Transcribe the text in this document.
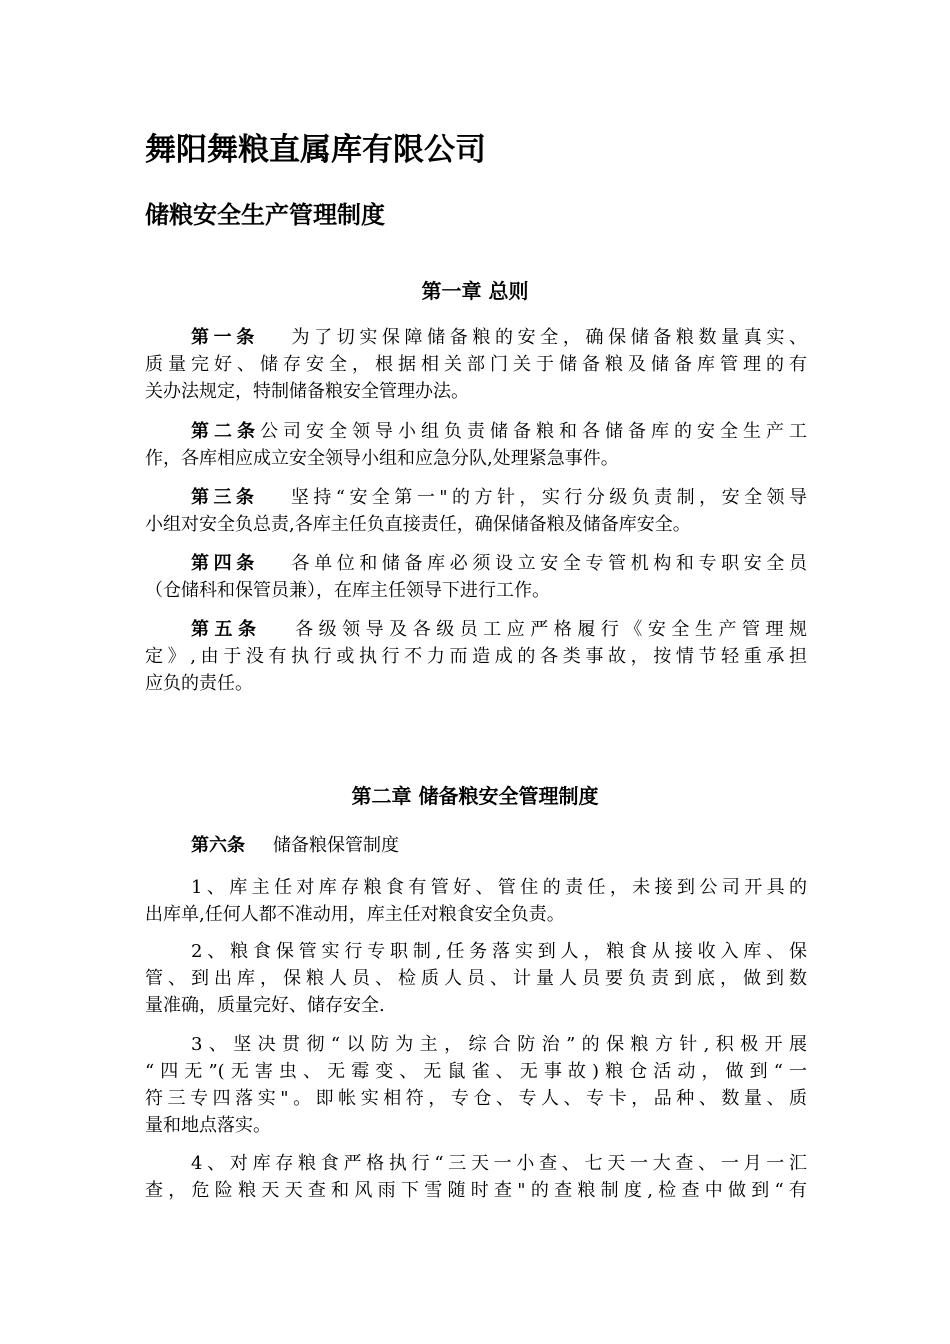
舞阳舞粮直属库有限公司
储粮安全生产管理制度
第一章 总则
第一条 为了切实保障储备粮的安全，确保储备粮数量真实、
质量完好、储存安全，根据相关部门关于储备粮及储备库管理的有
关办法规定，特制储备粮安全管理办法。
第二条公司安全领导小组负责储备粮和各储备库的安全生产工
作，各库相应成立安全领导小组和应急分队,处理紧急事件。
第三条 坚持“安全第一"的方针，实行分级负责制，安全领导
小组对安全负总责,各库主任负直接责任，确保储备粮及储备库安全。
第四条 各单位和储备库必须设立安全专管机构和专职安全员
（仓储科和保管员兼），在库主任领导下进行工作。
第五条 各级领导及各级员工应严格履行《安全生产管理规
定》,由于没有执行或执行不力而造成的各类事故，按情节轻重承担
应负的责任。
第二章 储备粮安全管理制度
第六条 储备粮保管制度
1、库主任对库存粮食有管好、管住的责任，未接到公司开具的
出库单,任何人都不准动用，库主任对粮食安全负责。
2、粮食保管实行专职制,任务落实到人，粮食从接收入库、保
管、到出库，保粮人员、检质人员、计量人员要负责到底，做到数
量准确，质量完好、储存安全.
3、坚决贯彻“以防为主，综合防治”的保粮方针,积极开展
“四无”(无害虫、无霉变、无鼠雀、无事故)粮仓活动，做到“一
符三专四落实"。即帐实相符，专仓、专人、专卡，品种、数量、质
量和地点落实。
4、对库存粮食严格执行“三天一小查、七天一大查、一月一汇
查，危险粮天天查和风雨下雪随时查"的查粮制度,检查中做到“有
